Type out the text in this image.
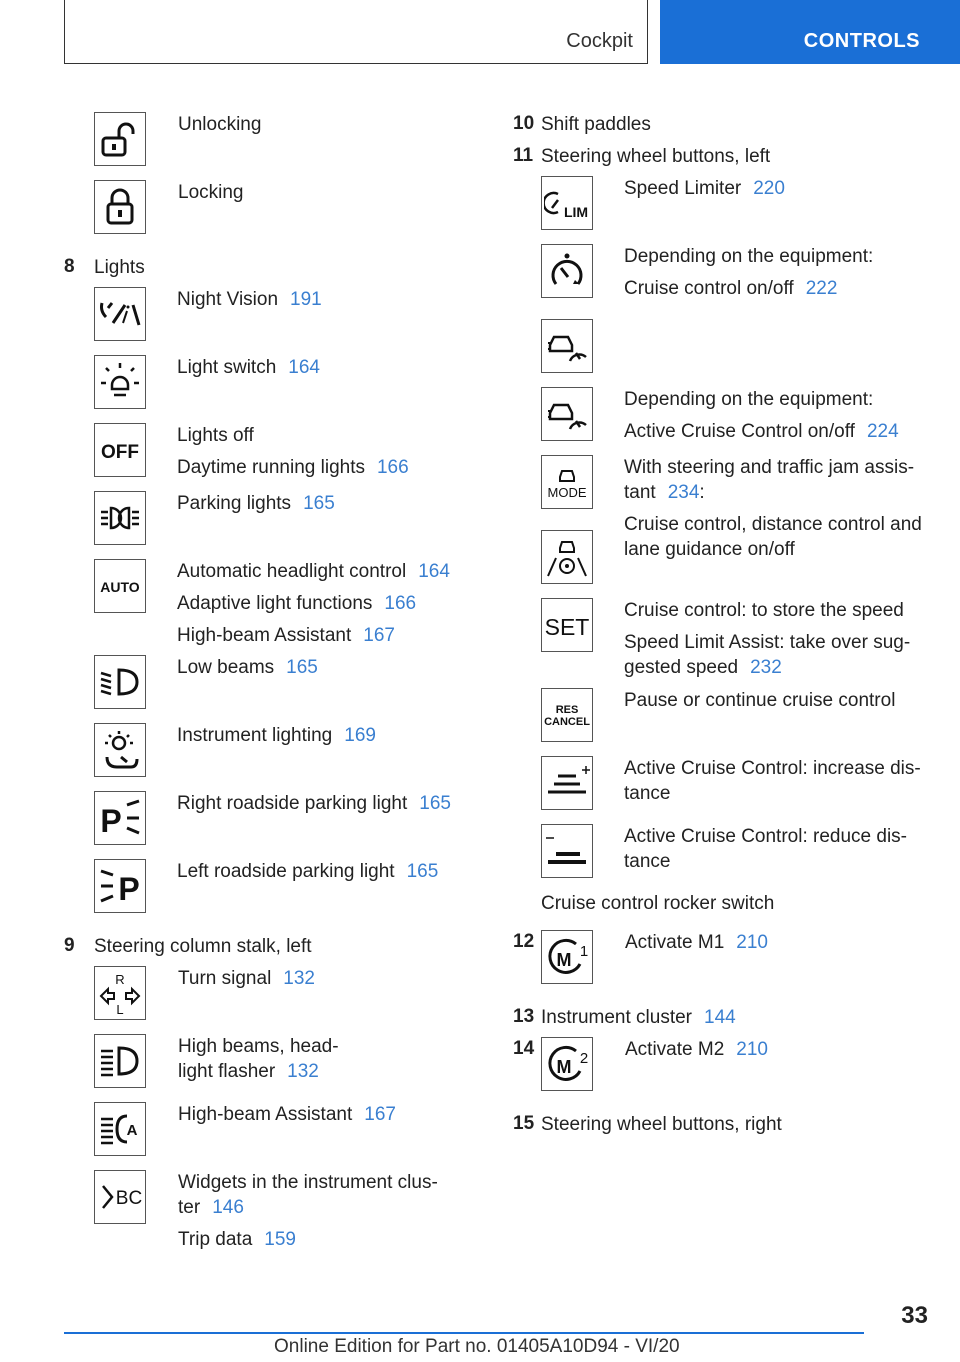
Cockpit	CONTROLS
Unlocking
Locking
8 Lights
Night Vision 191
Light switch 164
OFF
Lights off
Daytime running lights 166
Parking lights 165
AUTO
Automatic headlight control 164
Adaptive light functions 166
High-beam Assistant 167
Low beams 165
Instrument lighting 169
P	Right roadside parking light 165
P Left roadside parking light 165
9 Steering column stalk, left
R
L
Turn signal 132
High beams, head-
light flasher 132
A
High-beam Assistant 167
BC
Widgets in the instrument clus-
ter 146
Trip data 159
10 Shift paddles
11 Steering wheel buttons, left
LIM
Speed Limiter 220
Depending on the equipment:
Cruise control on/off 222
Depending on the equipment:
Active Cruise Control on/off 224
MODE
With steering and traffic jam assis-
tant 234:
Cruise control, distance control and
lane guidance on/off
SET
Cruise control: to store the speed
Speed Limit Assist: take over sug-
gested speed 232
RES
CANCEL
Pause or continue cruise control
Active Cruise Control: increase dis-
tance
Active Cruise Control: reduce dis-
tance
Cruise control rocker switch
12
M 1 Activate M1 210
13 Instrument cluster 144
14
M 2 Activate M2 210
15 Steering wheel buttons, right
33
Online Edition for Part no. 01405A10D94 - VI/20
